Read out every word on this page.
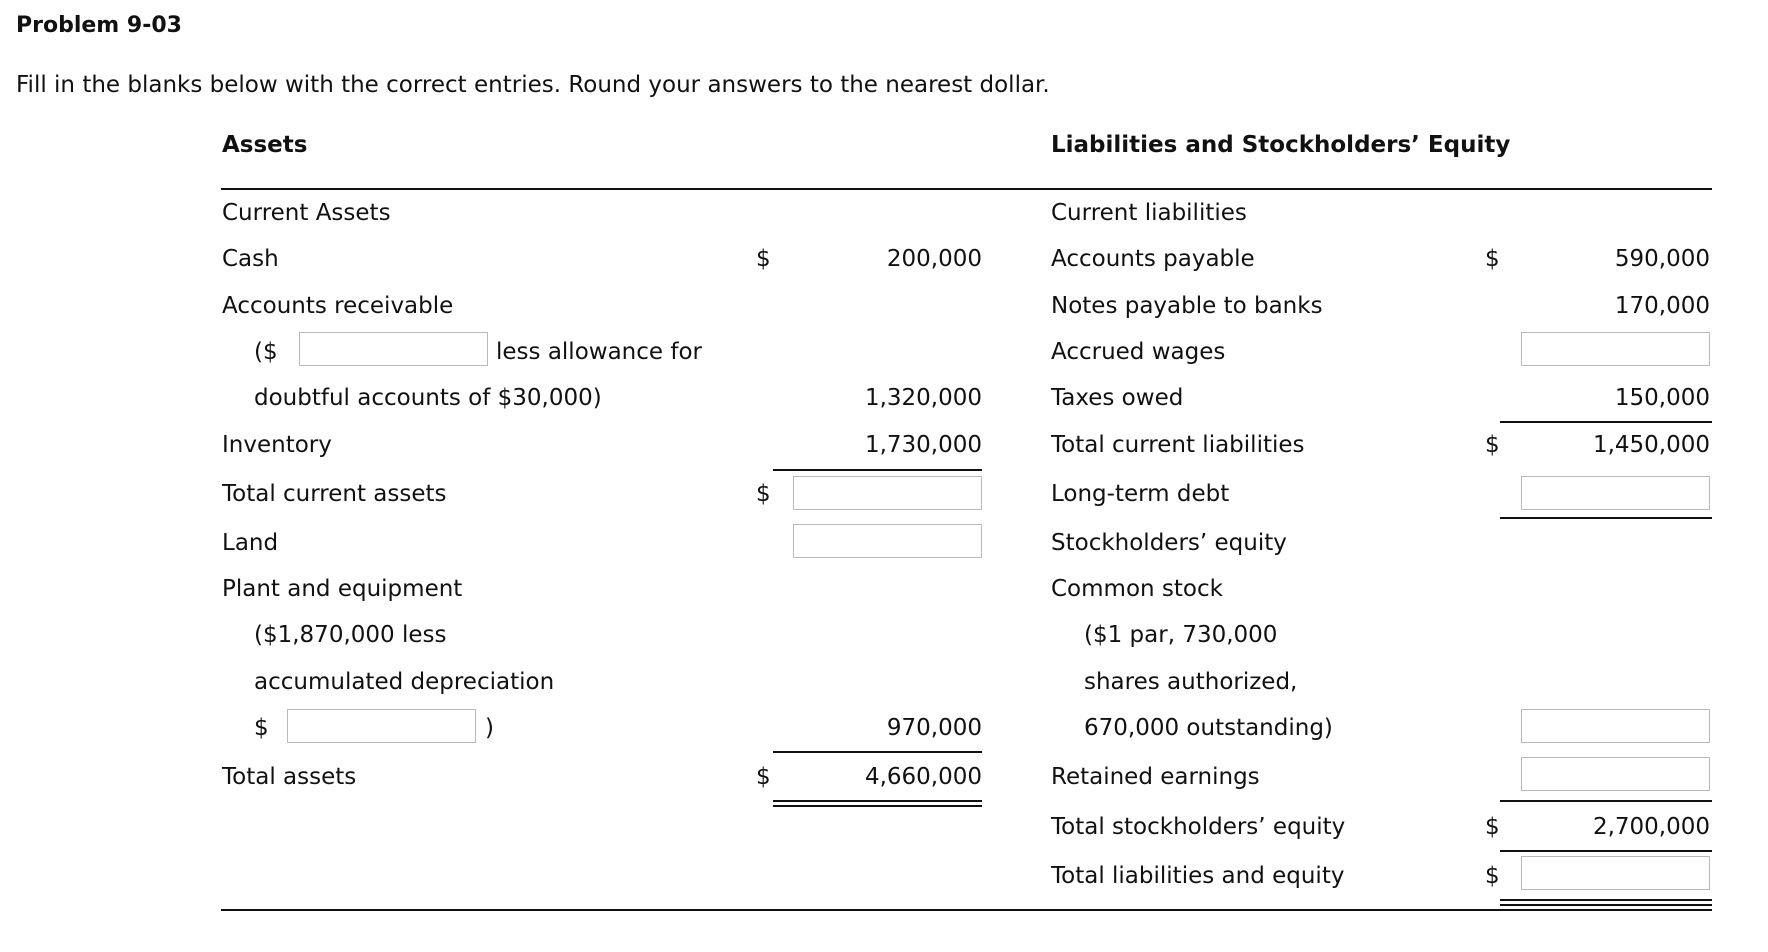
Problem 9-03
Fill in the blanks below with the correct entries. Round your answers to the nearest dollar.
Assets	Liabilities and Stockholders’ Equity
Current Assets
Cash	$	200,000
Accounts receivable
($	less allowance for
doubtful accounts of $30,000)	1,320,000
Inventory	1,730,000
Total current assets	$
Land
Plant and equipment
($1,870,000 less
accumulated depreciation
$	)	970,000
Total assets	$	4,660,000
Current liabilities
Accounts payable	$	590,000
Notes payable to banks	170,000
Accrued wages
Taxes owed	150,000
Total current liabilities	$	1,450,000
Long-term debt
Stockholders’ equity
Common stock
($1 par, 730,000
shares authorized,
670,000 outstanding)
Retained earnings
Total stockholders’ equity	$	2,700,000
Total liabilities and equity	$
